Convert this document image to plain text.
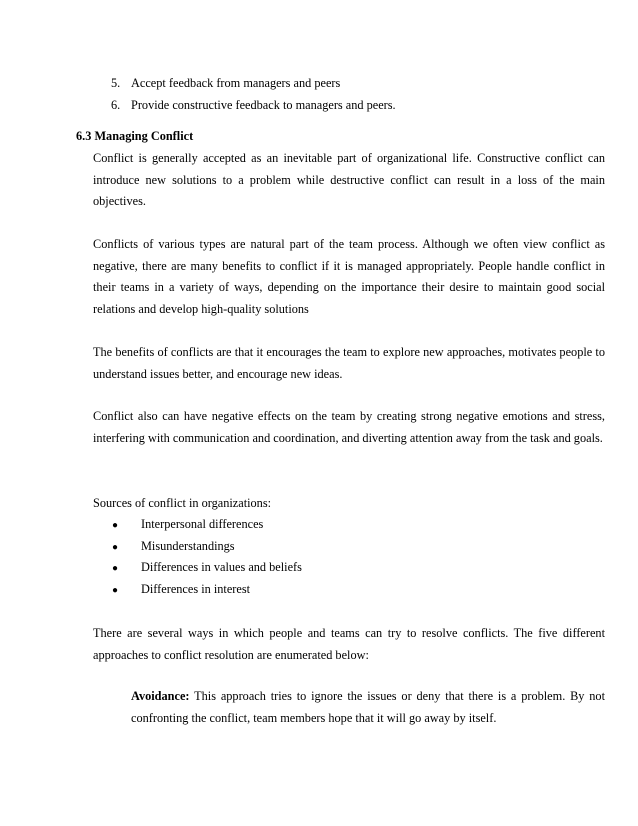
5. Accept feedback from managers and peers
6. Provide constructive feedback to managers and peers.
6.3 Managing Conflict
Conflict is generally accepted as an inevitable part of organizational life. Constructive conflict can introduce new solutions to a problem while destructive conflict can result in a loss of the main objectives.
Conflicts of various types are natural part of the team process. Although we often view conflict as negative, there are many benefits to conflict if it is managed appropriately. People handle conflict in their teams in a variety of ways, depending on the importance their desire to maintain good social relations and develop high-quality solutions
The benefits of conflicts are that it encourages the team to explore new approaches, motivates people to understand issues better, and encourage new ideas.
Conflict also can have negative effects on the team by creating strong negative emotions and stress, interfering with communication and coordination, and diverting attention away from the task and goals.
Sources of conflict in organizations:
● Interpersonal differences
● Misunderstandings
● Differences in values and beliefs
● Differences in interest
There are several ways in which people and teams can try to resolve conflicts. The five different approaches to conflict resolution are enumerated below:
Avoidance: This approach tries to ignore the issues or deny that there is a problem. By not confronting the conflict, team members hope that it will go away by itself.
